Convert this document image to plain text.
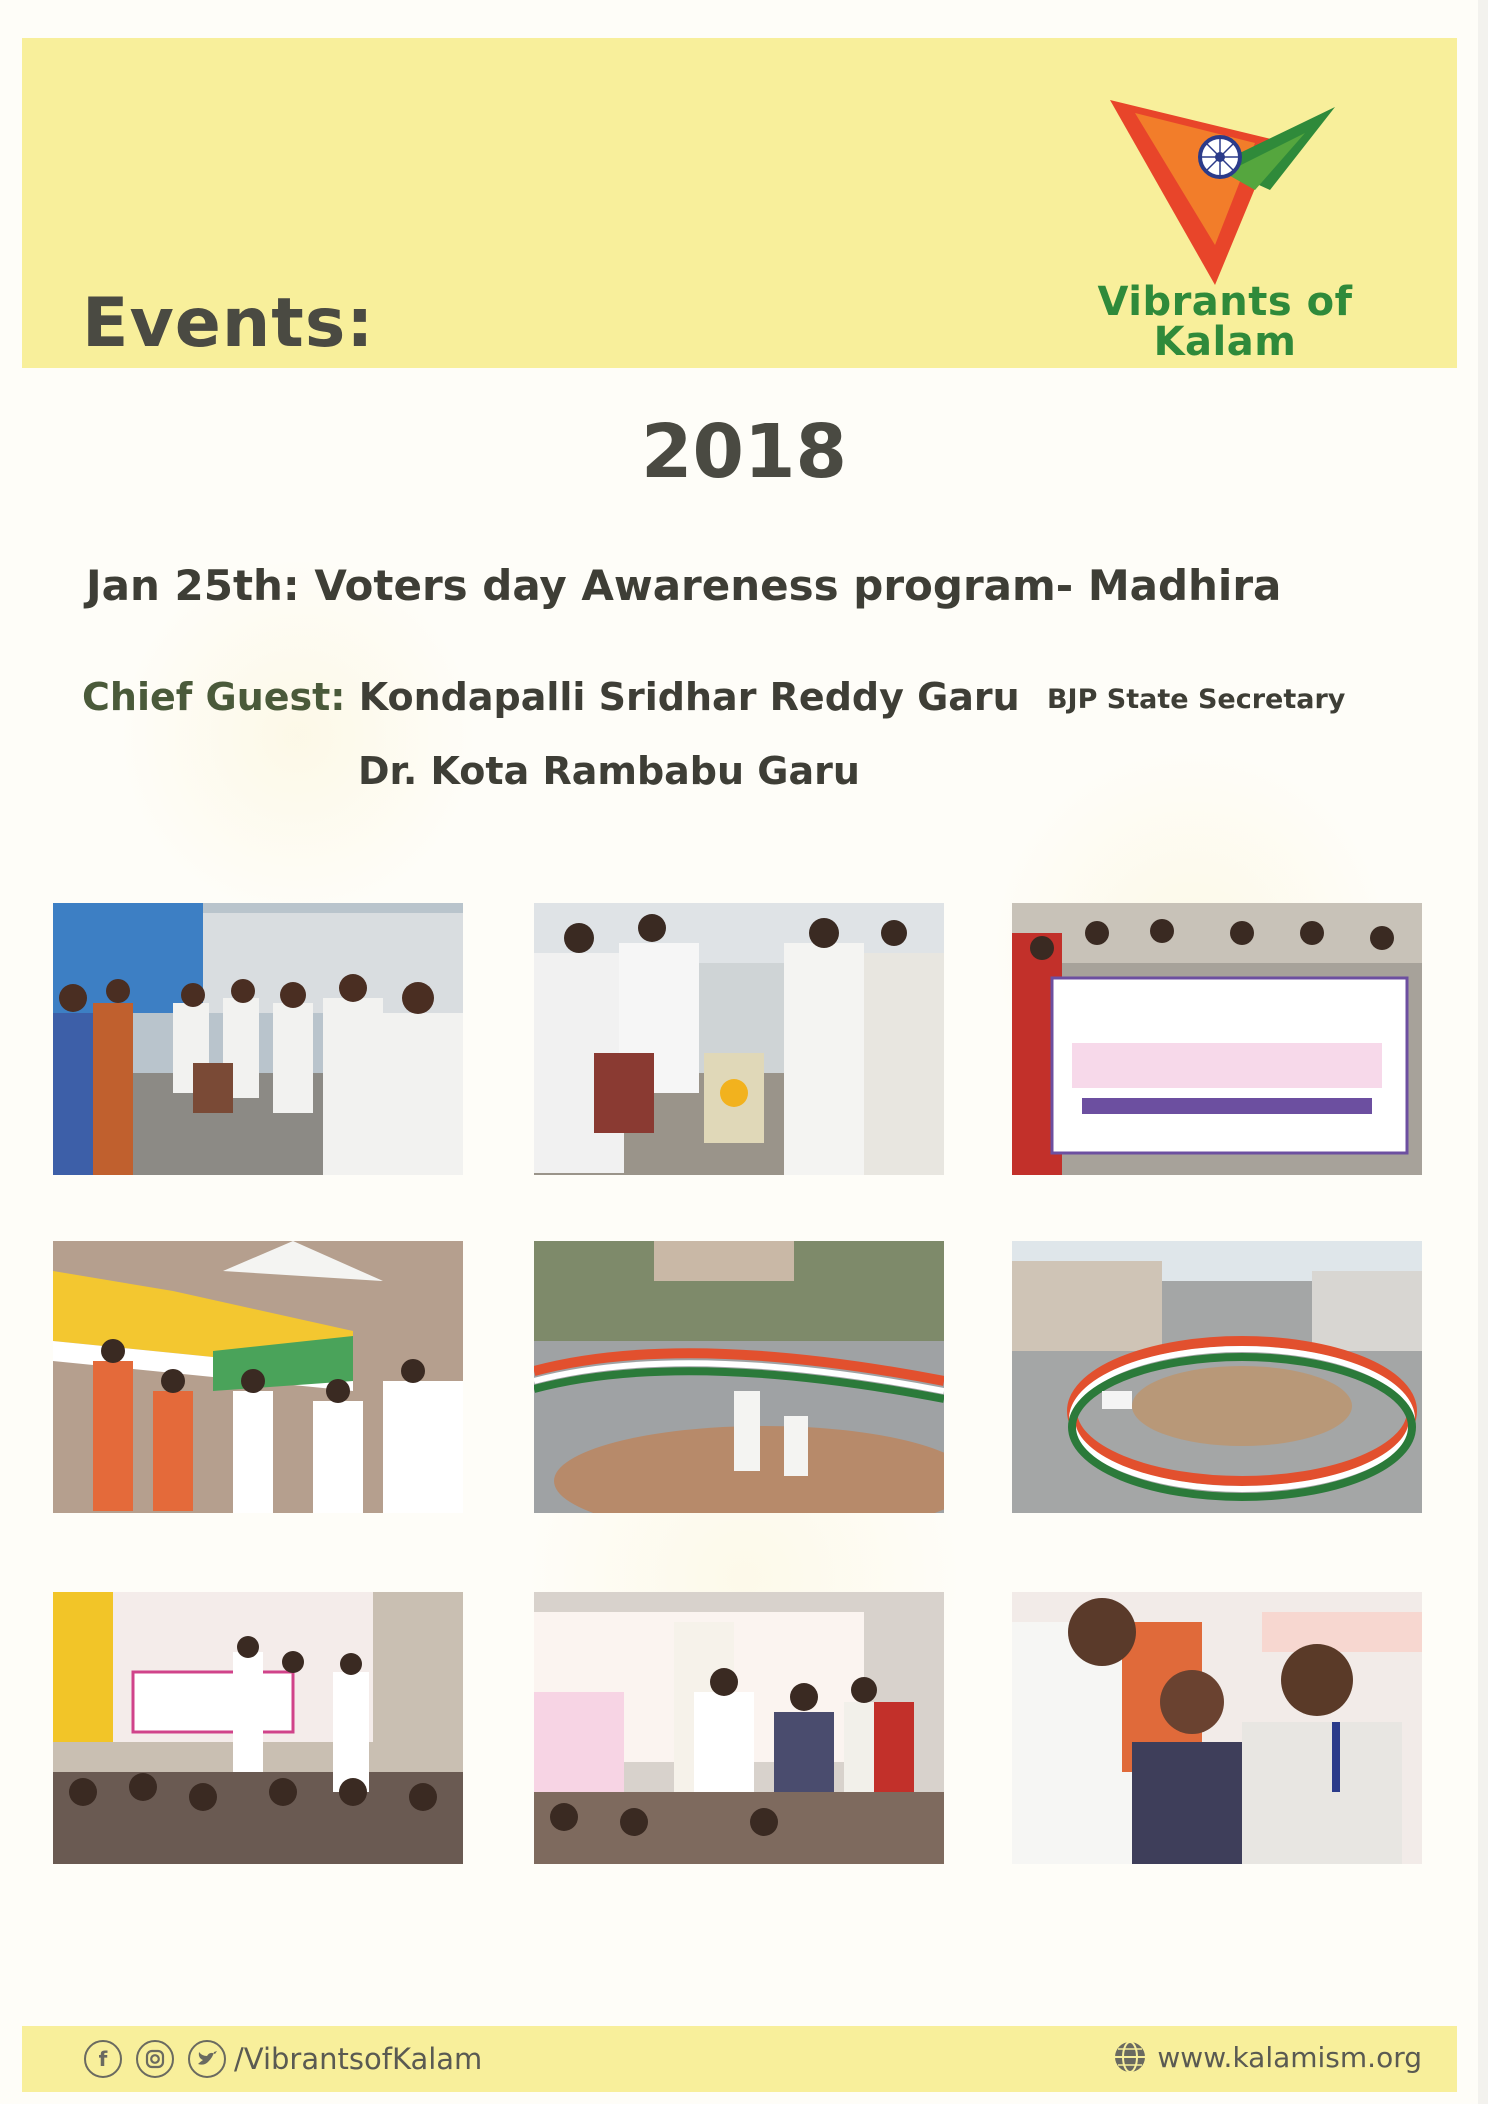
Events:	Vibrants of Kalam
2018
Jan 25th: Voters day Awareness program- Madhira
Chief Guest: Kondapalli Sridhar Reddy Garu BJP State Secretary
Dr. Kota Rambabu Garu
f	/VibrantsofKalam	www.kalamism.org
